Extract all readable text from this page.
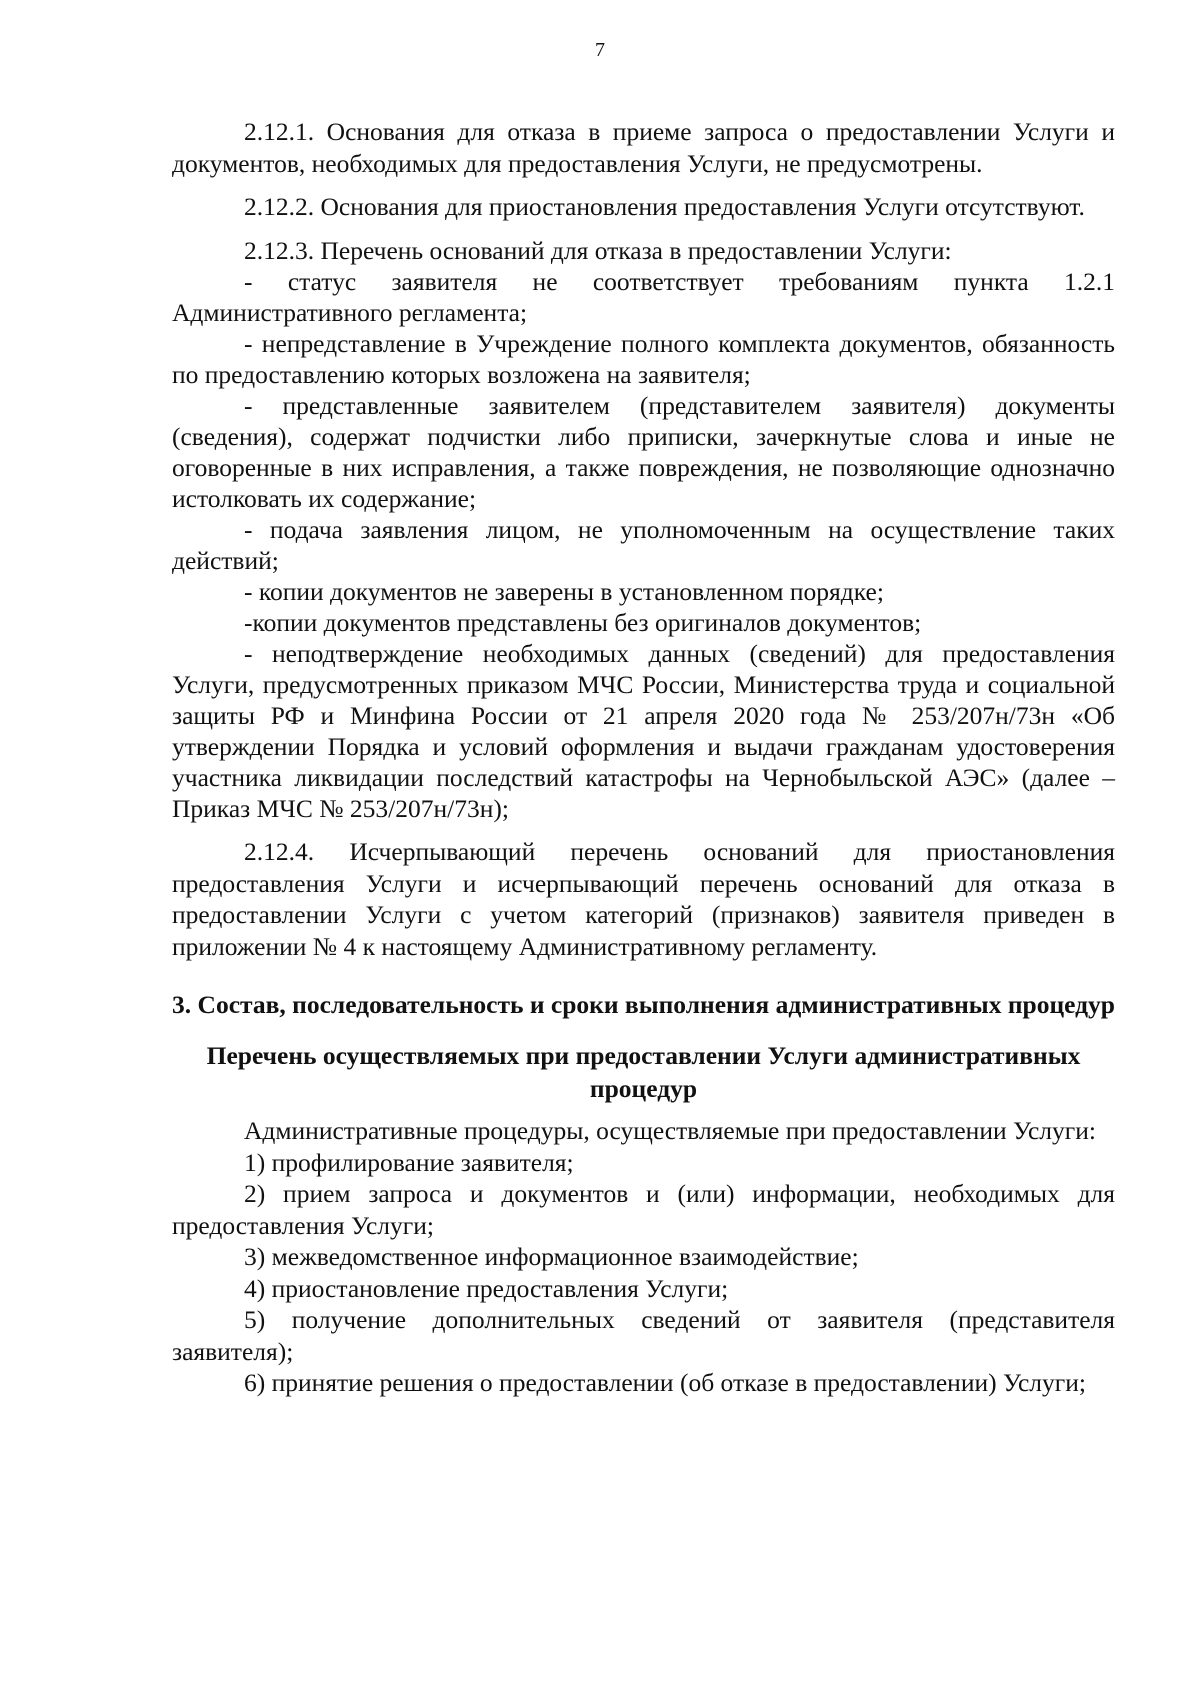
7

2.12.1. Основания для отказа в приеме запроса о предоставлении Услуги и документов, необходимых для предоставления Услуги, не предусмотрены.

2.12.2. Основания для приостановления предоставления Услуги отсутствуют.

2.12.3. Перечень оснований для отказа в предоставлении Услуги:

- статус заявителя не соответствует требованиям пункта 1.2.1 Административного регламента;

- непредставление в Учреждение полного комплекта документов, обязанность по предоставлению которых возложена на заявителя;

- представленные заявителем (представителем заявителя) документы (сведения), содержат подчистки либо приписки, зачеркнутые слова и иные не оговоренные в них исправления, а также повреждения, не позволяющие однозначно истолковать их содержание;

- подача заявления лицом, не уполномоченным на осуществление таких действий;

- копии документов не заверены в установленном порядке;

-копии документов представлены без оригиналов документов;

- неподтверждение необходимых данных (сведений) для предоставления Услуги, предусмотренных приказом МЧС России, Министерства труда и социальной защиты РФ и Минфина России от 21 апреля 2020 года № 253/207н/73н «Об утверждении Порядка и условий оформления и выдачи гражданам удостоверения участника ликвидации последствий катастрофы на Чернобыльской АЭС» (далее – Приказ МЧС № 253/207н/73н);

2.12.4. Исчерпывающий перечень оснований для приостановления предоставления Услуги и исчерпывающий перечень оснований для отказа в предоставлении Услуги с учетом категорий (признаков) заявителя приведен в приложении № 4 к настоящему Административному регламенту.

3. Состав, последовательность и сроки выполнения административных процедур

Перечень осуществляемых при предоставлении Услуги административных процедур

Административные процедуры, осуществляемые при предоставлении Услуги:

1) профилирование заявителя;

2) прием запроса и документов и (или) информации, необходимых для предоставления Услуги;

3) межведомственное информационное взаимодействие;

4) приостановление предоставления Услуги;

5) получение дополнительных сведений от заявителя (представителя заявителя);

6) принятие решения о предоставлении (об отказе в предоставлении) Услуги;
